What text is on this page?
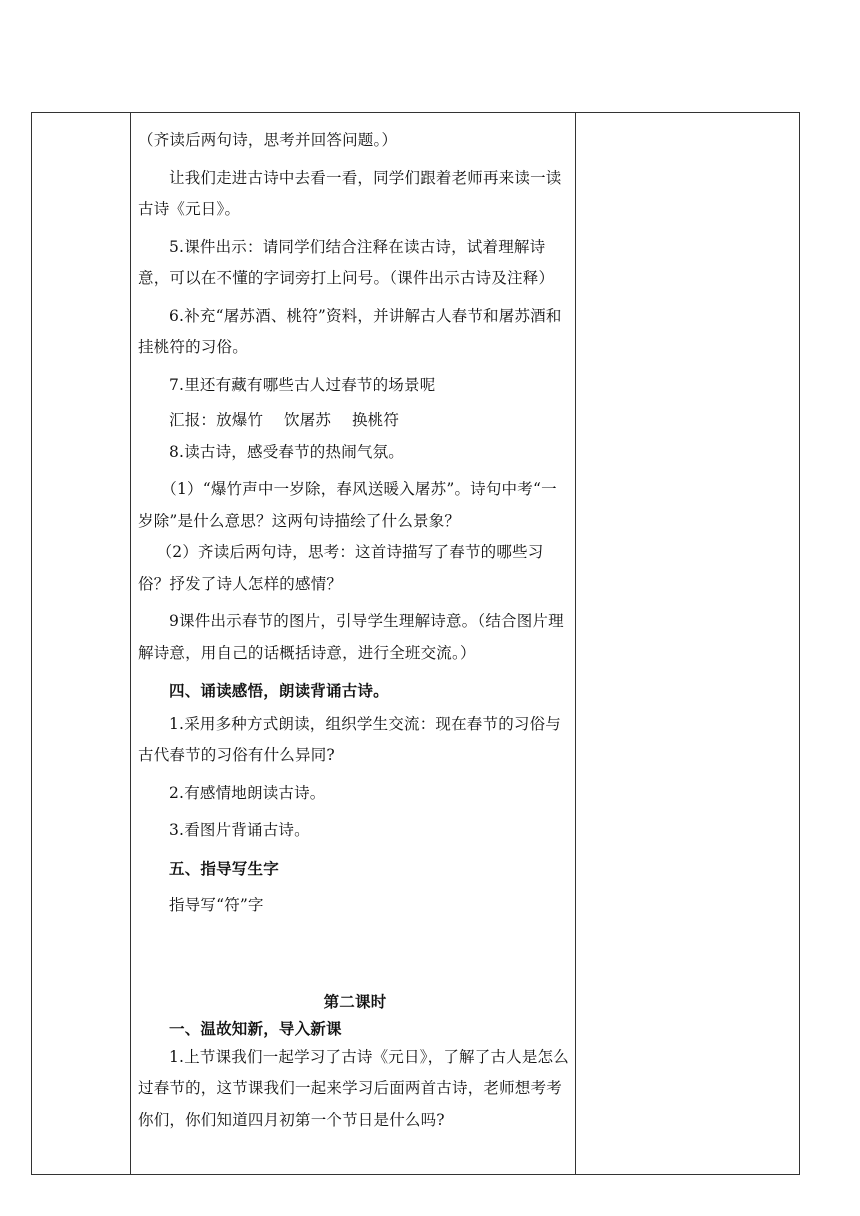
（齐读后两句诗，思考并回答问题。）

让我们走进古诗中去看一看，同学们跟着老师再来读一读古诗《元日》。

5.课件出示：请同学们结合注释在读古诗，试着理解诗意，可以在不懂的字词旁打上问号。（课件出示古诗及注释）

6.补充“屠苏酒、桃符”资料，并讲解古人春节和屠苏酒和挂桃符的习俗。

7.里还有藏有哪些古人过春节的场景呢

汇报：放爆竹　 饮屠苏　 换桃符

8.读古诗，感受春节的热闹气氛。

（1）“爆竹声中一岁除，春风送暖入屠苏”。诗句中考“一岁除”是什么意思？这两句诗描绘了什么景象？

（2）齐读后两句诗，思考：这首诗描写了春节的哪些习俗？抒发了诗人怎样的感情？

9课件出示春节的图片，引导学生理解诗意。（结合图片理解诗意，用自己的话概括诗意，进行全班交流。）

四、诵读感悟，朗读背诵古诗。

1.采用多种方式朗读，组织学生交流：现在春节的习俗与古代春节的习俗有什么异同?

2.有感情地朗读古诗。

3.看图片背诵古诗。

五、指导写生字

指导写“符”字

第二课时

一、温故知新，导入新课

1.上节课我们一起学习了古诗《元日》，了解了古人是怎么过春节的，这节课我们一起来学习后面两首古诗，老师想考考你们，你们知道四月初第一个节日是什么吗?
